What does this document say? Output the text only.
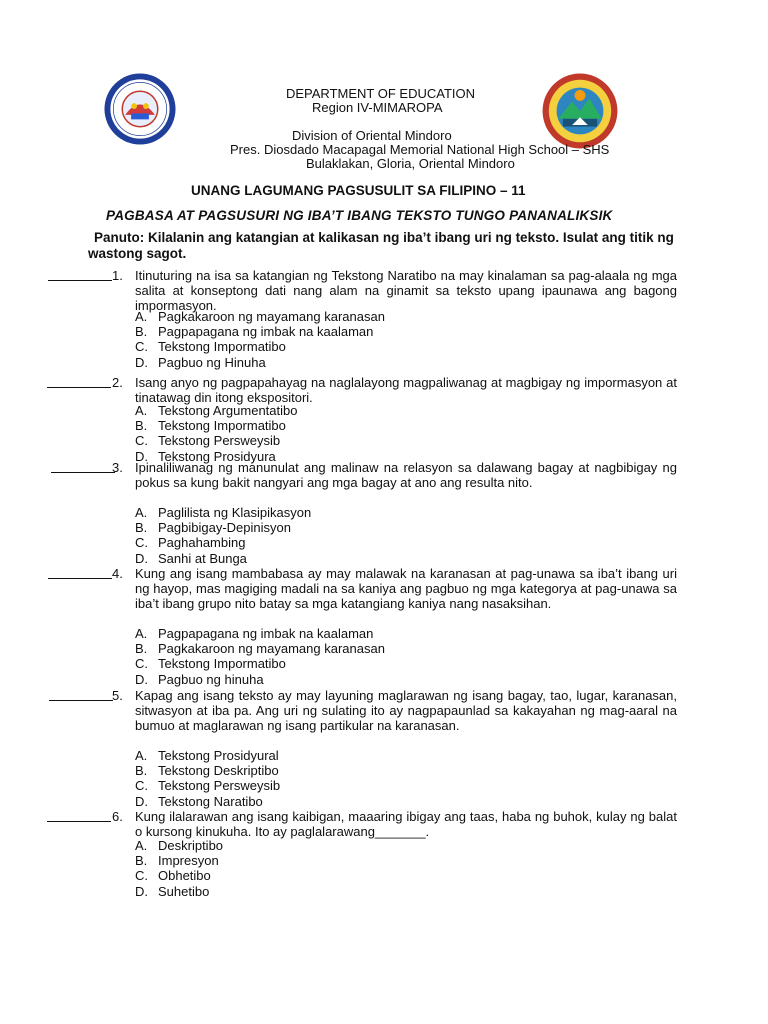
DEPARTMENT OF EDUCATION
Region IV-MIMAROPA
Division of Oriental Mindoro
Pres. Diosdado Macapagal Memorial National High School – SHS
Bulaklakan, Gloria, Oriental Mindoro
UNANG LAGUMANG PAGSUSULIT SA FILIPINO – 11
PAGBASA AT PAGSUSURI NG IBA’T IBANG TEKSTO TUNGO PANANALIKSIK
Panuto: Kilalanin ang katangian at kalikasan ng iba’t ibang uri ng teksto. Isulat ang titik ng wastong sagot.
1. Itinuturing na isa sa katangian ng Tekstong Naratibo na may kinalaman sa pag-alaala ng mga salita at konseptong dati nang alam na ginamit sa teksto upang ipaunawa ang bagong impormasyon.
A. Pagkakaroon ng mayamang karanasan
B. Pagpapagana ng imbak na kaalaman
C. Tekstong Impormatibo
D. Pagbuo ng Hinuha
2. Isang anyo ng pagpapahayag na naglalayong magpaliwanag at magbigay ng impormasyon at tinatawag din itong ekspositori.
A. Tekstong Argumentatibo
B. Tekstong Impormatibo
C. Tekstong Persweysib
D. Tekstong Prosidyura
3. Ipinaliliwanag ng manunulat ang malinaw na relasyon sa dalawang bagay at nagbibigay ng pokus sa kung bakit nangyari ang mga bagay at ano ang resulta nito.
A. Paglilista ng Klasipikasyon
B. Pagbibigay-Depinisyon
C. Paghahambing
D. Sanhi at Bunga
4. Kung ang isang mambabasa ay may malawak na karanasan at pag-unawa sa iba’t ibang uri ng hayop, mas magiging madali na sa kaniya ang pagbuo ng mga kategorya at pag-unawa sa iba’t ibang grupo nito batay sa mga katangiang kaniya nang nasaksihan.
A. Pagpapagana ng imbak na kaalaman
B. Pagkakaroon ng mayamang karanasan
C. Tekstong Impormatibo
D. Pagbuo ng hinuha
5. Kapag ang isang teksto ay may layuning maglarawan ng isang bagay, tao, lugar, karanasan, sitwasyon at iba pa. Ang uri ng sulating ito ay nagpapaunlad sa kakayahan ng mag-aaral na bumuo at maglarawan ng isang partikular na karanasan.
A. Tekstong Prosidyural
B. Tekstong Deskriptibo
C. Tekstong Persweysib
D. Tekstong Naratibo
6. Kung ilalarawan ang isang kaibigan, maaaring ibigay ang taas, haba ng buhok, kulay ng balat o kursong kinukuha. Ito ay paglalarawang_______.
A. Deskriptibo
B. Impresyon
C. Obhetibo
D. Suhetibo
